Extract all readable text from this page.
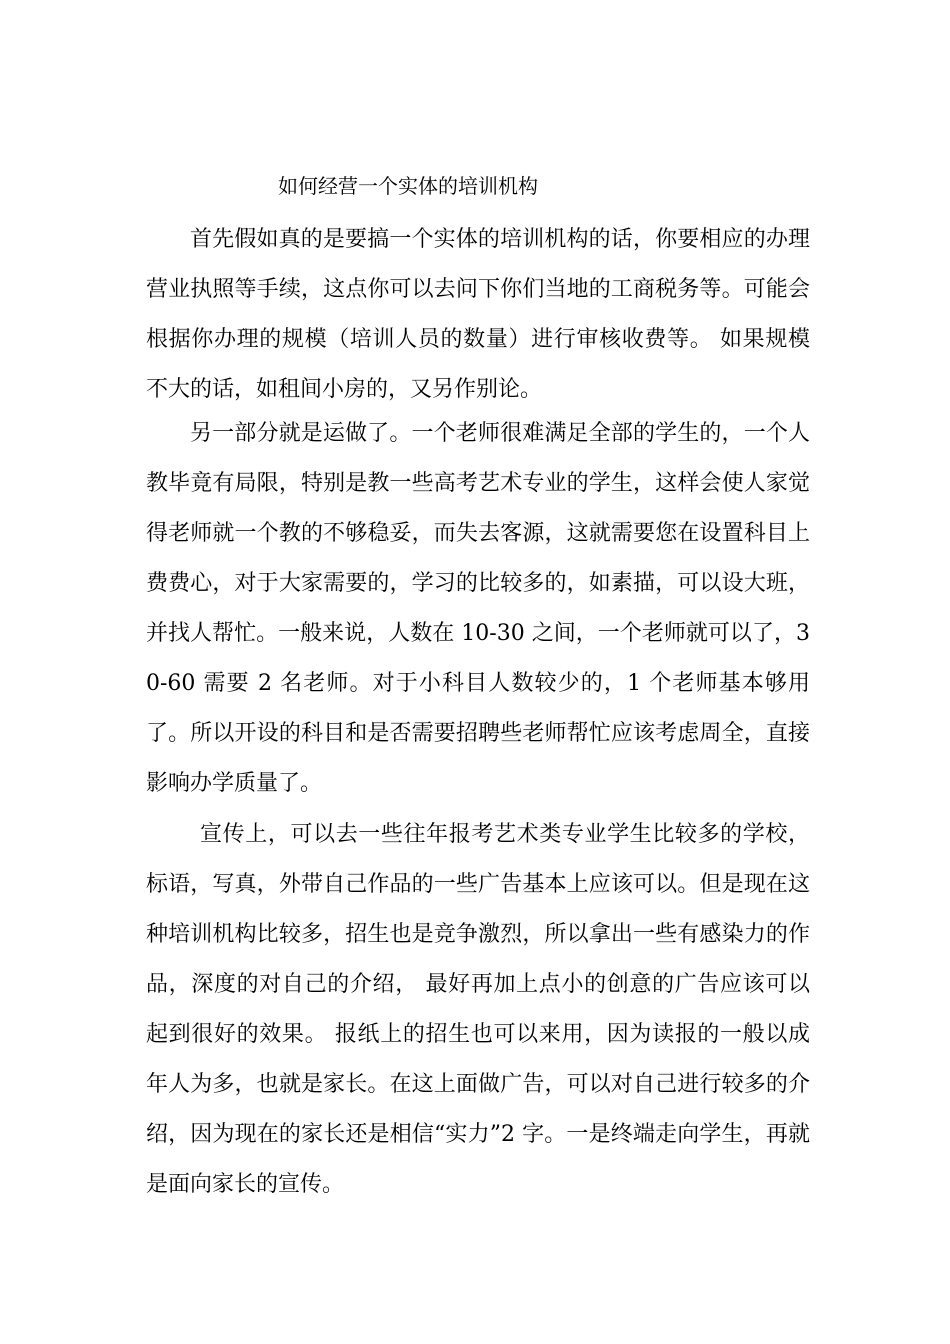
如何经营一个实体的培训机构

首先假如真的是要搞一个实体的培训机构的话，你要相应的办理营业执照等手续，这点你可以去问下你们当地的工商税务等。可能会根据你办理的规模（培训人员的数量）进行审核收费等。 如果规模不大的话，如租间小房的，又另作别论。

另一部分就是运做了。一个老师很难满足全部的学生的，一个人教毕竟有局限，特别是教一些高考艺术专业的学生，这样会使人家觉得老师就一个教的不够稳妥，而失去客源，这就需要您在设置科目上费费心，对于大家需要的，学习的比较多的，如素描，可以设大班，并找人帮忙。一般来说，人数在 10-30 之间，一个老师就可以了，30-60 需要 2 名老师。对于小科目人数较少的，1 个老师基本够用了。所以开设的科目和是否需要招聘些老师帮忙应该考虑周全，直接影响办学质量了。

宣传上，可以去一些往年报考艺术类专业学生比较多的学校，标语，写真，外带自己作品的一些广告基本上应该可以。但是现在这种培训机构比较多，招生也是竞争激烈，所以拿出一些有感染力的作品，深度的对自己的介绍， 最好再加上点小的创意的广告应该可以起到很好的效果。 报纸上的招生也可以来用，因为读报的一般以成年人为多，也就是家长。在这上面做广告，可以对自己进行较多的介绍，因为现在的家长还是相信“实力”2 字。一是终端走向学生，再就是面向家长的宣传。
